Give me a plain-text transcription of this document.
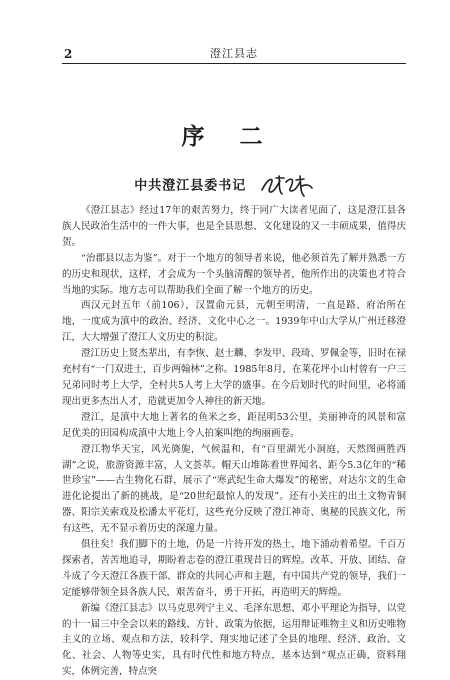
2	澄江县志
序　二
中共澄江县委书记

《澄江县志》经过17年的艰苦努力，终于同广大读者见面了，这是澄江县各族人民政治生活中的一件大事，也是全县思想、文化建设的又一丰硕成果，值得庆贺。

“治郡县以志为鉴”。对于一个地方的领导者来说，他必须首先了解并熟悉一方的历史和现状，这样，才会成为一个头脑清醒的领导者，他所作出的决策也才符合当地的实际。地方志可以帮助我们全面了解一个地方的历史。

西汉元封五年（前106），汉置俞元县，元朝至明清，一直是路、府治所在地，一度成为滇中的政治、经济、文化中心之一。1939年中山大学从广州迁移澄江，大大增强了澄江人文历史的积淀。

澄江历史上贤杰辈出，有李恢、赵士麟、李发甲、段琦、罗佩金等，旧时在禄充村有“一门双进士，百步两翰林”之称。1985年8月，在莱花坪小山村曾有一户三兄弟同时考上大学，全村共5人考上大学的盛事。在今后划时代的时间里，必将涌现出更多杰出人才，造就更加令人神往的新天地。

澄江，是滇中大地上著名的鱼米之乡，距昆明53公里，美丽神奇的风景和富足优美的田园构成滇中大地上令人拍案叫绝的绚丽画卷。

澄江物华天宝，风光旖旎，气候温和，有“百里湖光小洞庭，天然图画胜西湖”之说，旅游资源丰富，人文荟萃。帽天山堆陈着世界闻名、距今5.3亿年的“稀世珍宝”——古生物化石群，展示了“寒武纪生命大爆发”的秘密，对达尔文的生命进化论提出了新的挑战，是“20世纪最惊人的发现”。还有小关庄的出土文物青铜器、阳宗关索戏及松潘太平花灯，这些充分反映了澄江神奇、奥秘的民族文化，所有这些，无不显示着历史的深邃力量。

俱往矣！我们脚下的土地，仍是一片待开发的热土，地下涌动着希望。千百万探索者，苦苦地追寻，期盼着志卷的澄江重现昔日的辉煌。改革、开放、团结、奋斗成了今天澄江各族干部、群众的共同心声和主题，有中国共产党的领导，我们一定能够带领全县各族人民，艰苦奋斗，勇于开拓，再造明天的辉煌。

新编《澄江县志》以马克思列宁主义、毛泽东思想、邓小平理论为指导，以党的十一届三中全会以来的路线、方针、政策为依据，运用辩证唯物主义和历史唯物主义的立场、观点和方法，较科学、翔实地记述了全县的地理、经济、政治、文化、社会、人物等史实，具有时代性和地方特点，基本达到“观点正确，资料翔实，体例完善，特点突
